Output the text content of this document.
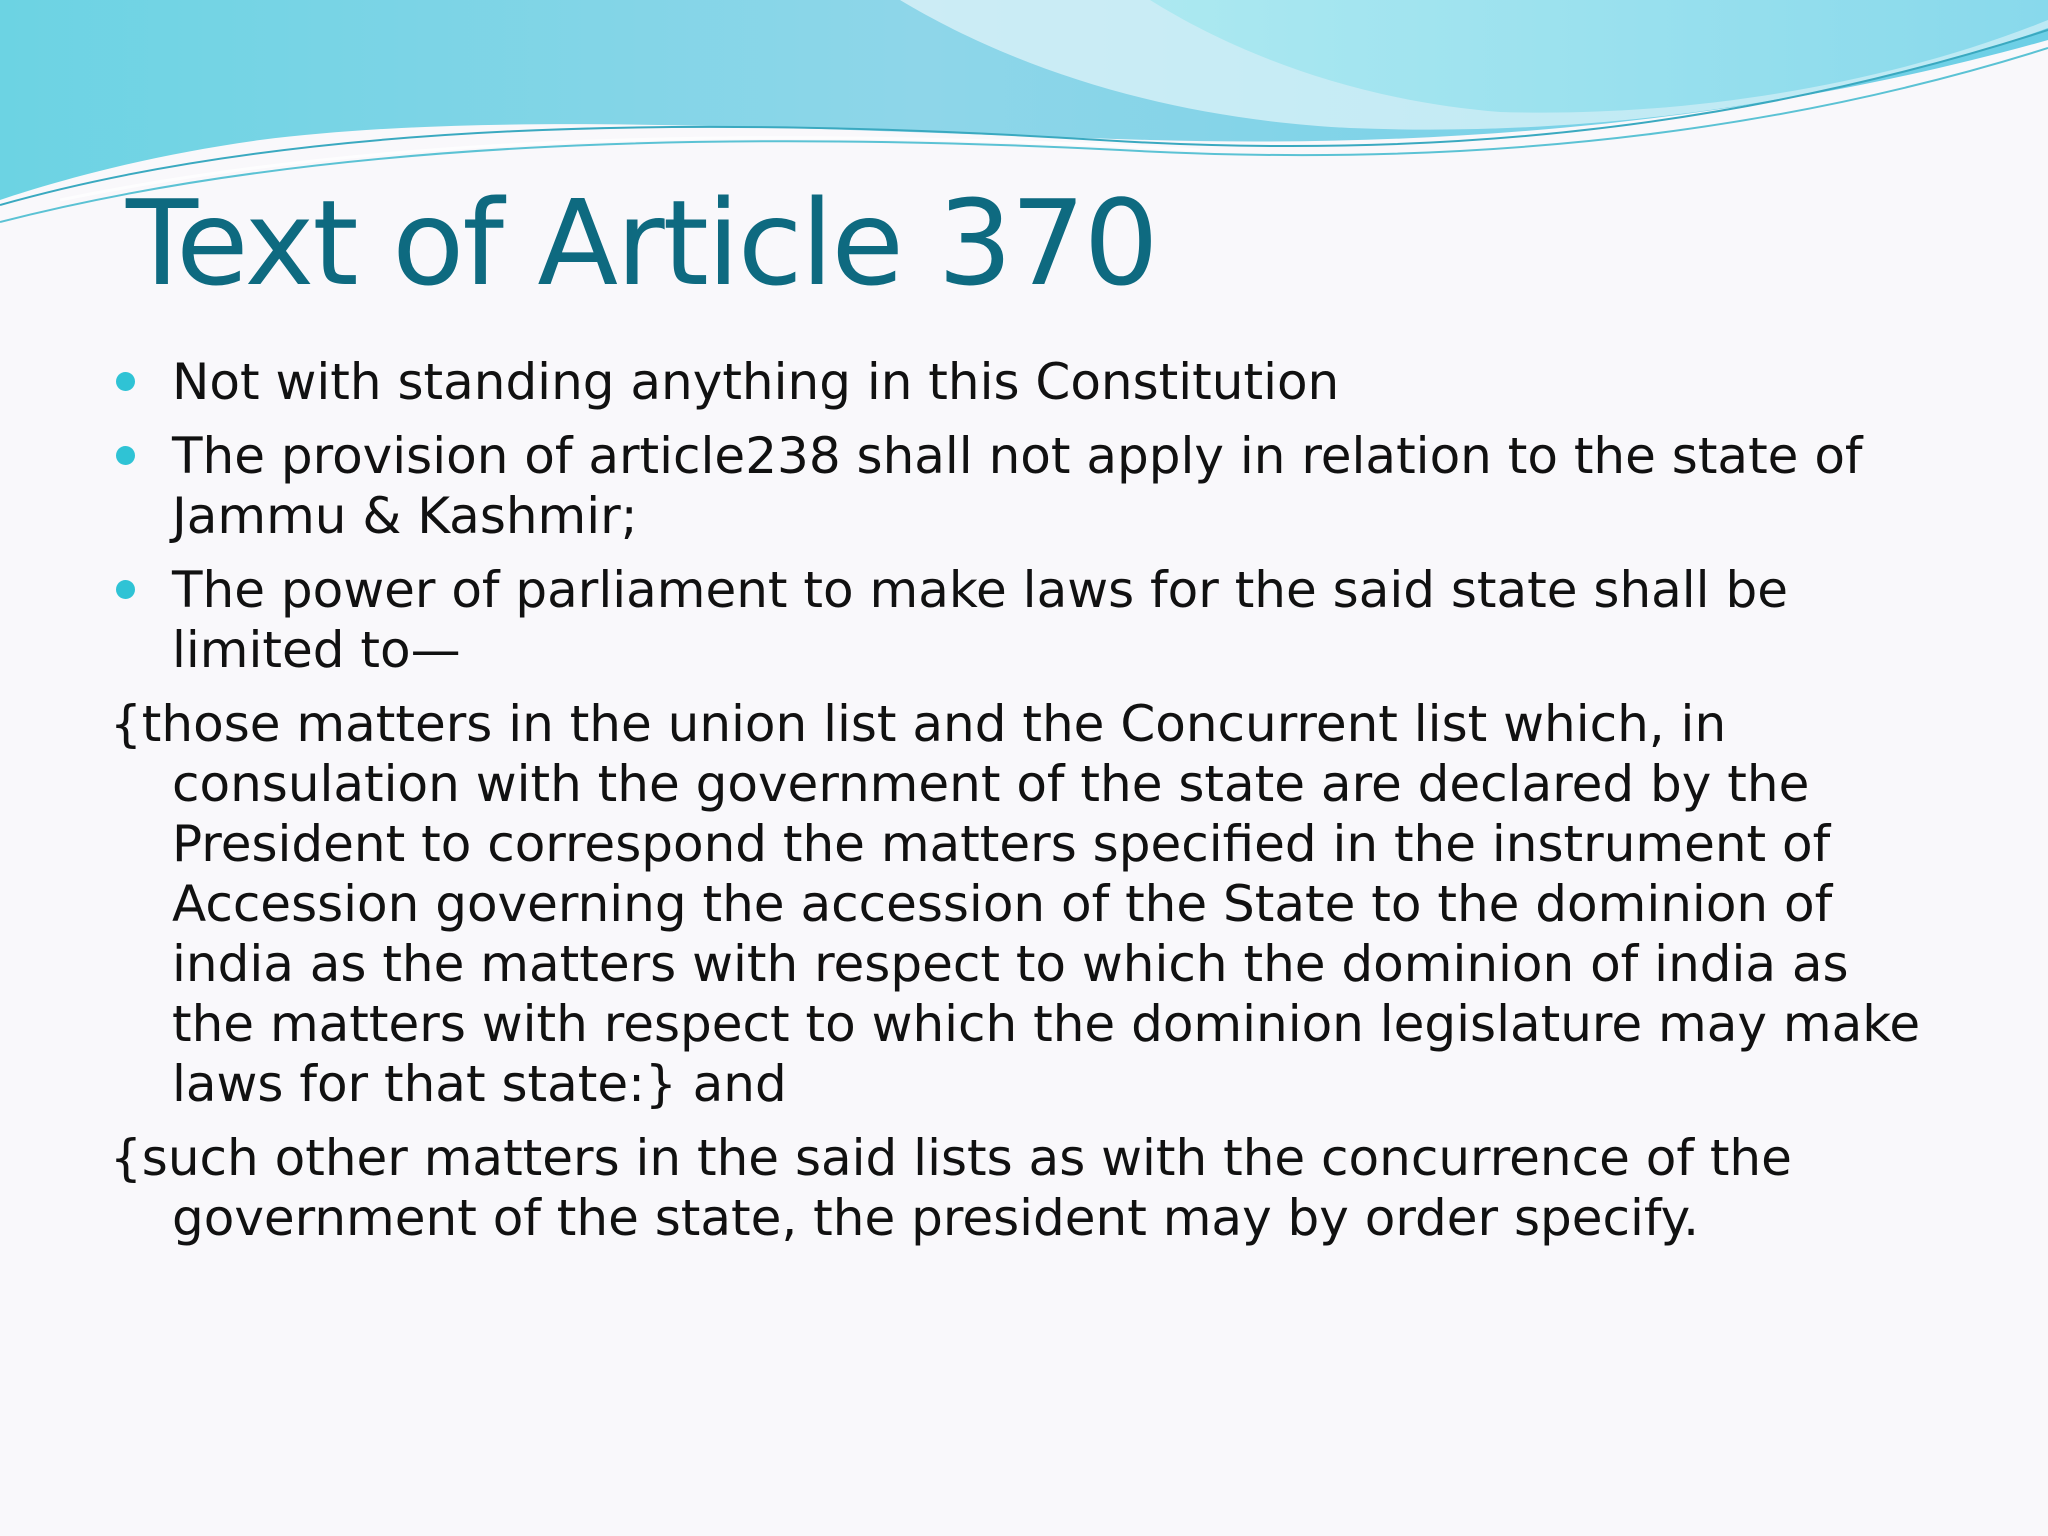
Text of Article 370
Not with standing anything in this Constitution
The provision of article238 shall not apply in relation to the state of Jammu & Kashmir;
The power of parliament to make laws for the said state shall be limited to—

{those matters in the union list and the Concurrent list which, in consulation with the government of the state are declared by the President to correspond the matters specified in the instrument of Accession governing the accession of the State to the dominion of india as the matters with respect to which the dominion of india as the matters with respect to which the dominion legislature may make laws for that state:} and

{such other matters in the said lists as with the concurrence of the government of the state, the president may by order specify.
